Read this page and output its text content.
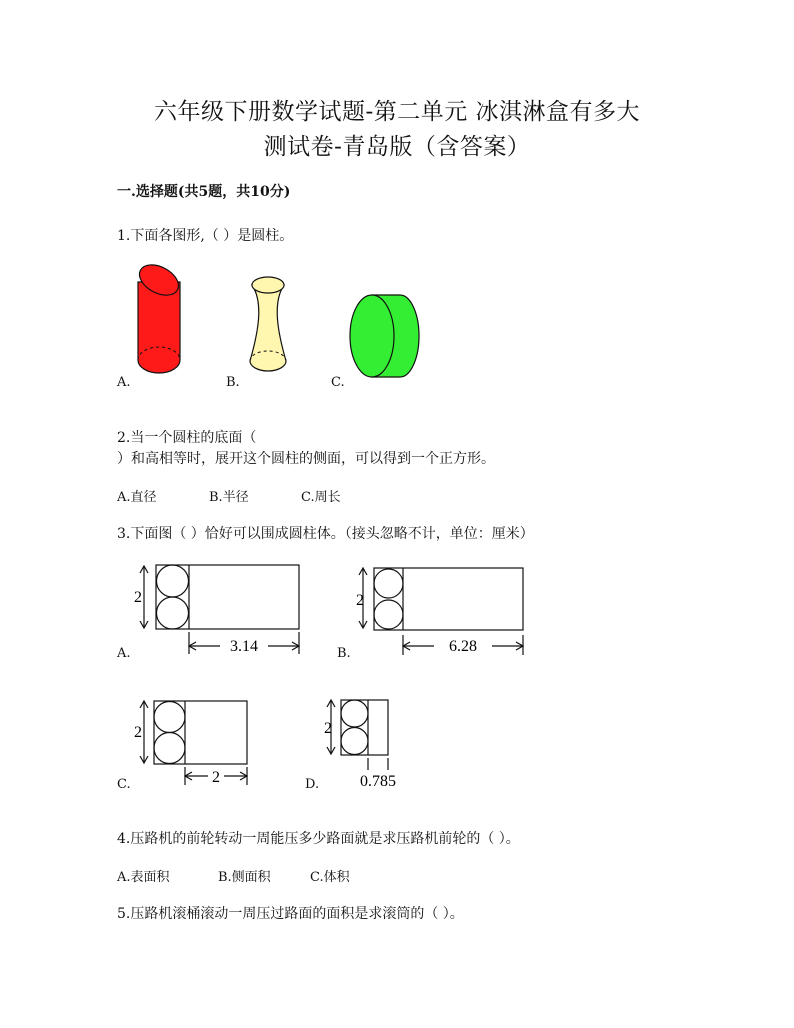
六年级下册数学试题-第二单元 冰淇淋盒有多大
测试卷-青岛版（含答案）
一.选择题(共5题，共10分)
1.下面各图形,（ ）是圆柱。
A.	B.	C.
2.当一个圆柱的底面（
）和高相等时，展开这个圆柱的侧面，可以得到一个正方形。
A.直径	B.半径	C.周长
3.下面图（ ）恰好可以围成圆柱体。（接头忽略不计，单位：厘米）
2
3.14
A.
2
6.28
B.
2
2
C.
2
0.785
D.
4.压路机的前轮转动一周能压多少路面就是求压路机前轮的（ ）。
A.表面积	B.侧面积	C.体积
5.压路机滚桶滚动一周压过路面的面积是求滚筒的（ ）。
